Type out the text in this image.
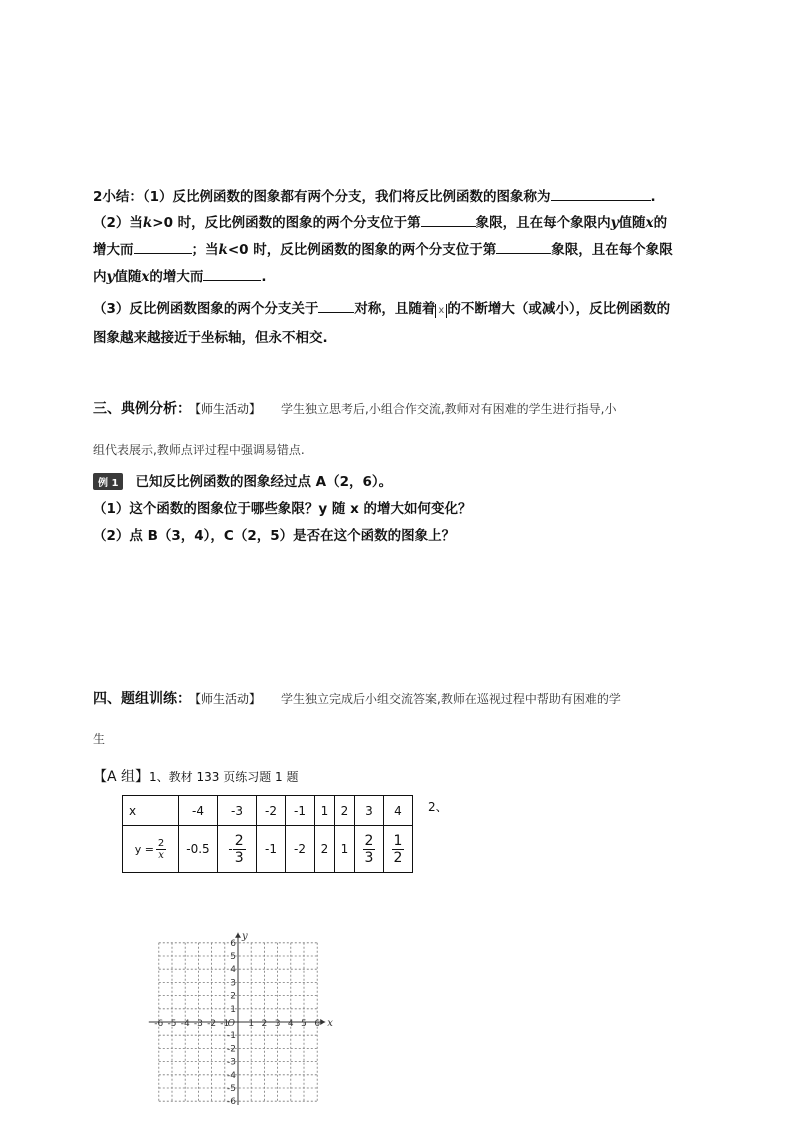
2小结：（1）反比例函数的图象都有两个分支，我们将反比例函数的图象称为	.
（2）当k>0 时，反比例函数的图象的两个分支位于第	象限，且在每个象限内y值随x的
增大而	；当k<0 时，反比例函数的图象的两个分支位于第	象限，且在每个象限
内y值随x的增大而	.
（3）反比例函数图象的两个分支关于	对称，且随着 x 的不断增大（或减小），反比例函数的
图象越来越接近于坐标轴，但永不相交.
三、典例分析： 【师生活动】 学生独立思考后,小组合作交流,教师对有困难的学生进行指导,小
组代表展示,教师点评过程中强调易错点.
例 1 已知反比例函数的图象经过点 A（2，6）。
（1）这个函数的图象位于哪些象限？y 随 x 的增大如何变化？
（2）点 B（3，4），C（2，5）是否在这个函数的图象上？
四、题组训练： 【师生活动】 学生独立完成后小组交流答案,教师在巡视过程中帮助有困难的学
生
【A 组】1、教材 133 页练习题 1 题
2、
x	-4	-3	-2	-1	1	2	3	4

$y = \frac{2}{x}$	-0.5	- $\frac{2}{3}$	-1	-2	2	1	$\frac{2}{3}$	$\frac{1}{2}$
-6 -5 -4 -3 -2 -1 1 2 3 4 5 6
6
5
4
3
2
1
-1
-2
-3
-4
-5
-6
O	x
y
